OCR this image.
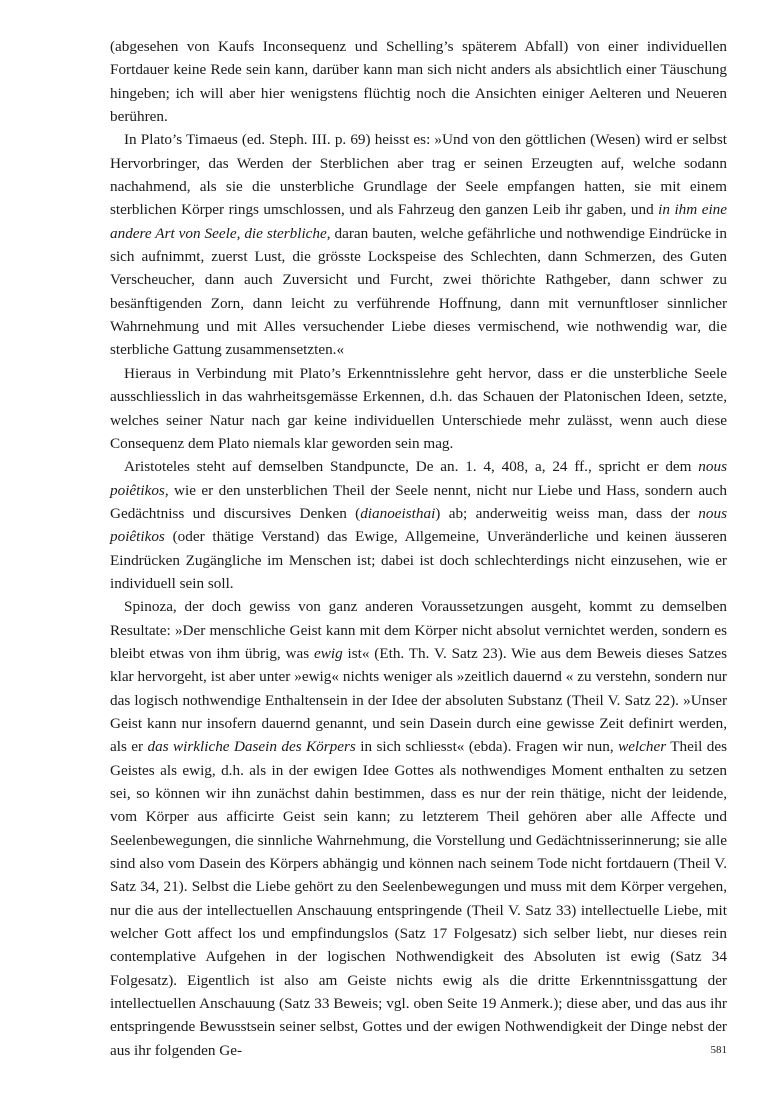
(abgesehen von Kaufs Inconsequenz und Schelling’s späterem Abfall) von einer individuellen Fortdauer keine Rede sein kann, darüber kann man sich nicht anders als absichtlich einer Täuschung hingeben; ich will aber hier wenigstens flüchtig noch die Ansichten einiger Aelteren und Neueren berühren.

In Plato’s Timaeus (ed. Steph. III. p. 69) heisst es: »Und von den göttlichen (Wesen) wird er selbst Hervorbringer, das Werden der Sterblichen aber trag er seinen Erzeugten auf, welche sodann nachahmend, als sie die unsterbliche Grundlage der Seele empfangen hatten, sie mit einem sterblichen Körper rings umschlossen, und als Fahrzeug den ganzen Leib ihr gaben, und in ihm eine andere Art von Seele, die sterbliche, daran bauten, welche gefährliche und nothwendige Eindrücke in sich aufnimmt, zuerst Lust, die grösste Lockspeise des Schlechten, dann Schmerzen, des Guten Verscheucher, dann auch Zuversicht und Furcht, zwei thörichte Rathgeber, dann schwer zu besänftigenden Zorn, dann leicht zu verführende Hoffnung, dann mit vernunftloser sinnlicher Wahrnehmung und mit Alles versuchender Liebe dieses vermischend, wie nothwendig war, die sterbliche Gattung zusammensetzten.«

Hieraus in Verbindung mit Plato’s Erkenntnisslehre geht hervor, dass er die unsterbliche Seele ausschliesslich in das wahrheitsgemässe Erkennen, d.h. das Schauen der Platonischen Ideen, setzte, welches seiner Natur nach gar keine individuellen Unterschiede mehr zulässt, wenn auch diese Consequenz dem Plato niemals klar geworden sein mag.

Aristoteles steht auf demselben Standpuncte, De an. 1. 4, 408, a, 24 ff., spricht er dem nous poiêtikos, wie er den unsterblichen Theil der Seele nennt, nicht nur Liebe und Hass, sondern auch Gedächtniss und discursives Denken (dianoeisthai) ab; anderweitig weiss man, dass der nous poiêtikos (oder thätige Verstand) das Ewige, Allgemeine, Unveränderliche und keinen äusseren Eindrücken Zugängliche im Menschen ist; dabei ist doch schlechterdings nicht einzusehen, wie er individuell sein soll.

Spinoza, der doch gewiss von ganz anderen Voraussetzungen ausgeht, kommt zu demselben Resultate: »Der menschliche Geist kann mit dem Körper nicht absolut vernichtet werden, sondern es bleibt etwas von ihm übrig, was ewig ist« (Eth. Th. V. Satz 23). Wie aus dem Beweis dieses Satzes klar hervorgeht, ist aber unter »ewig« nichts weniger als »zeitlich dauernd « zu verstehn, sondern nur das logisch nothwendige Enthaltensein in der Idee der absoluten Substanz (Theil V. Satz 22). »Unser Geist kann nur insofern dauernd genannt, und sein Dasein durch eine gewisse Zeit definirt werden, als er das wirkliche Dasein des Körpers in sich schliesst« (ebda). Fragen wir nun, welcher Theil des Geistes als ewig, d.h. als in der ewigen Idee Gottes als nothwendiges Moment enthalten zu setzen sei, so können wir ihn zunächst dahin bestimmen, dass es nur der rein thätige, nicht der leidende, vom Körper aus afficirte Geist sein kann; zu letzterem Theil gehören aber alle Affecte und Seelenbewegungen, die sinnliche Wahrnehmung, die Vorstellung und Gedächtnisserinnerung; sie alle sind also vom Dasein des Körpers abhängig und können nach seinem Tode nicht fortdauern (Theil V. Satz 34, 21). Selbst die Liebe gehört zu den Seelenbewegungen und muss mit dem Körper vergehen, nur die aus der intellectuellen Anschauung entspringende (Theil V. Satz 33) intellectuelle Liebe, mit welcher Gott affect los und empfindungslos (Satz 17 Folgesatz) sich selber liebt, nur dieses rein contemplative Aufgehen in der logischen Nothwendigkeit des Absoluten ist ewig (Satz 34 Folgesatz). Eigentlich ist also am Geiste nichts ewig als die dritte Erkenntnissgattung der intellectuellen Anschauung (Satz 33 Beweis; vgl. oben Seite 19 Anmerk.); diese aber, und das aus ihr entspringende Bewusstsein seiner selbst, Gottes und der ewigen Nothwendigkeit der Dinge nebst der aus ihr folgenden Ge-	581
